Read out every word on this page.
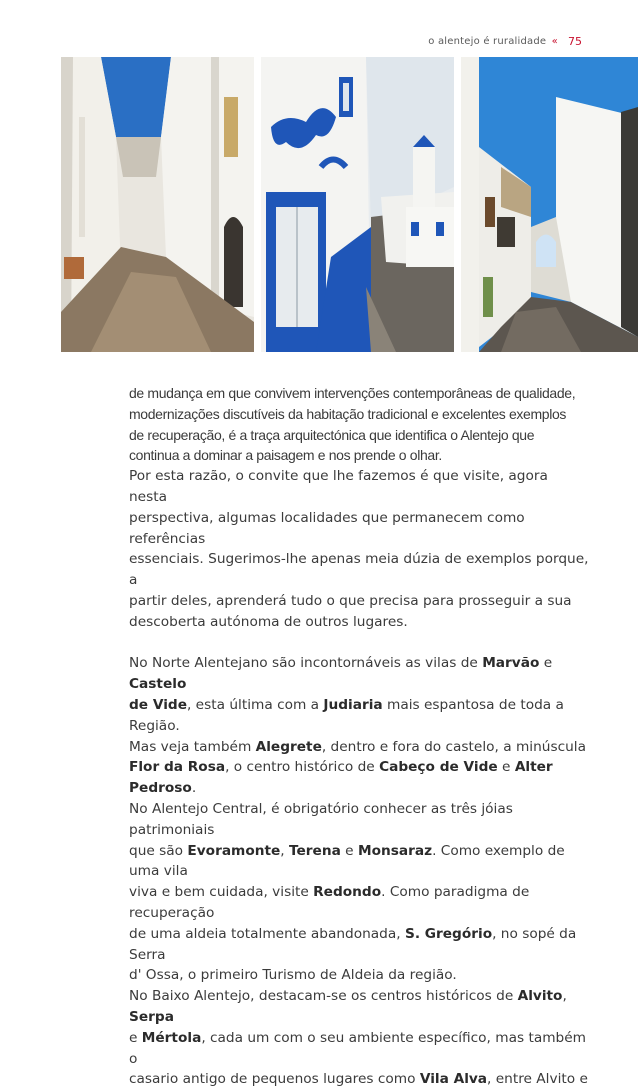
o alentejo é ruralidade « 75

de mudança em que convivem intervenções contemporâneas de qualidade,

modernizações discutíveis da habitação tradicional e excelentes exemplos

de recuperação, é a traça arquitectónica que identifica o Alentejo que

continua a dominar a paisagem e nos prende o olhar.

Por esta razão, o convite que lhe fazemos é que visite, agora nesta

perspectiva, algumas localidades que permanecem como referências

essenciais. Sugerimos-lhe apenas meia dúzia de exemplos porque, a

partir deles, aprenderá tudo o que precisa para prosseguir a sua

descoberta autónoma de outros lugares.

No Norte Alentejano são incontornáveis as vilas de Marvão e Castelo

de Vide, esta última com a Judiaria mais espantosa de toda a Região.

Mas veja também Alegrete, dentro e fora do castelo, a minúscula

Flor da Rosa, o centro histórico de Cabeço de Vide e Alter Pedroso.

No Alentejo Central, é obrigatório conhecer as três jóias patrimoniais

que são Evoramonte, Terena e Monsaraz. Como exemplo de uma vila

viva e bem cuidada, visite Redondo. Como paradigma de recuperação

de uma aldeia totalmente abandonada, S. Gregório, no sopé da Serra

d' Ossa, o primeiro Turismo de Aldeia da região.

No Baixo Alentejo, destacam-se os centros históricos de Alvito, Serpa

e Mértola, cada um com o seu ambiente específico, mas também o

casario antigo de pequenos lugares como Vila Alva, entre Alvito e
